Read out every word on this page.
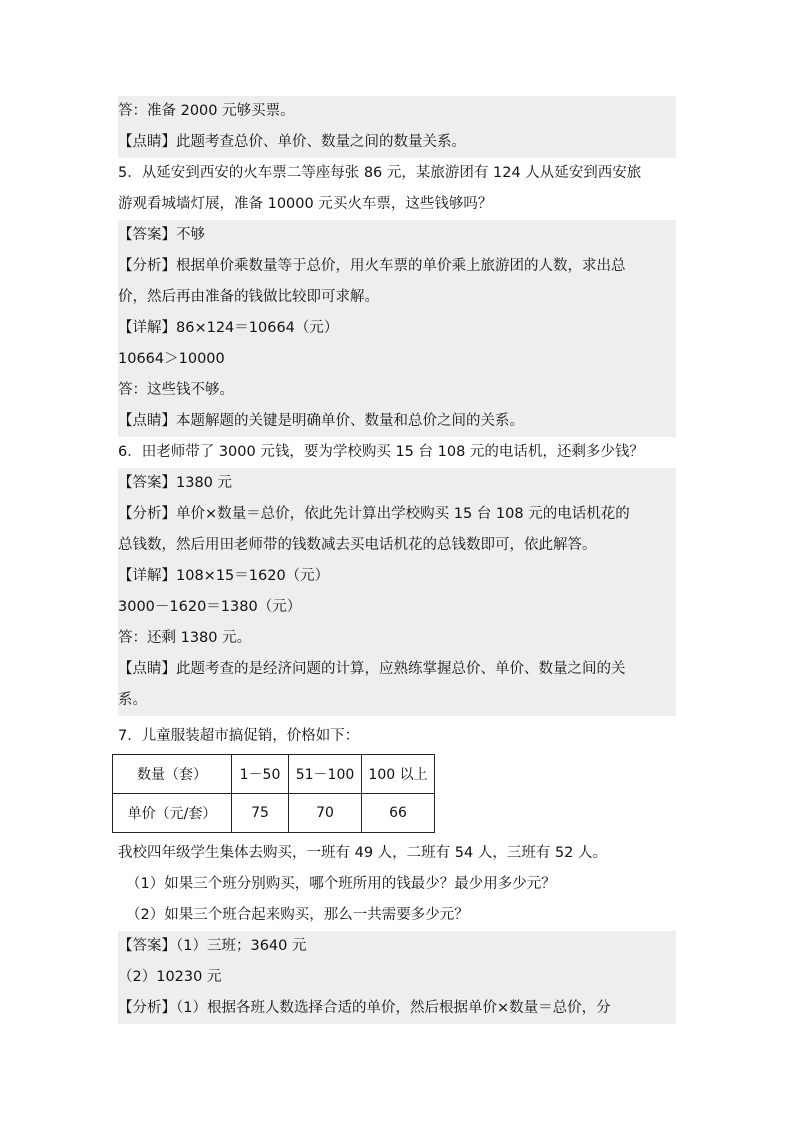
答：准备 2000 元够买票。
【点睛】此题考查总价、单价、数量之间的数量关系。
5．从延安到西安的火车票二等座每张 86 元，某旅游团有 124 人从延安到西安旅
游观看城墙灯展，准备 10000 元买火车票，这些钱够吗？
【答案】不够
【分析】根据单价乘数量等于总价，用火车票的单价乘上旅游团的人数，求出总
价，然后再由准备的钱做比较即可求解。
【详解】86×124＝10664（元）
10664＞10000
答：这些钱不够。
【点睛】本题解题的关键是明确单价、数量和总价之间的关系。
6．田老师带了 3000 元钱，要为学校购买 15 台 108 元的电话机，还剩多少钱？
【答案】1380 元
【分析】单价×数量＝总价，依此先计算出学校购买 15 台 108 元的电话机花的
总钱数，然后用田老师带的钱数减去买电话机花的总钱数即可，依此解答。
【详解】108×15＝1620（元）
3000－1620＝1380（元）
答：还剩 1380 元。
【点睛】此题考查的是经济问题的计算，应熟练掌握总价、单价、数量之间的关
系。
7．儿童服装超市搞促销，价格如下：
数量（套）	1－50	51－100	100 以上
单价（元/套）	75	70	66
我校四年级学生集体去购买，一班有 49 人，二班有 54 人，三班有 52 人。
（1）如果三个班分别购买，哪个班所用的钱最少？最少用多少元？
（2）如果三个班合起来购买，那么一共需要多少元？
【答案】（1）三班；3640 元
（2）10230 元
【分析】（1）根据各班人数选择合适的单价，然后根据单价×数量＝总价，分
